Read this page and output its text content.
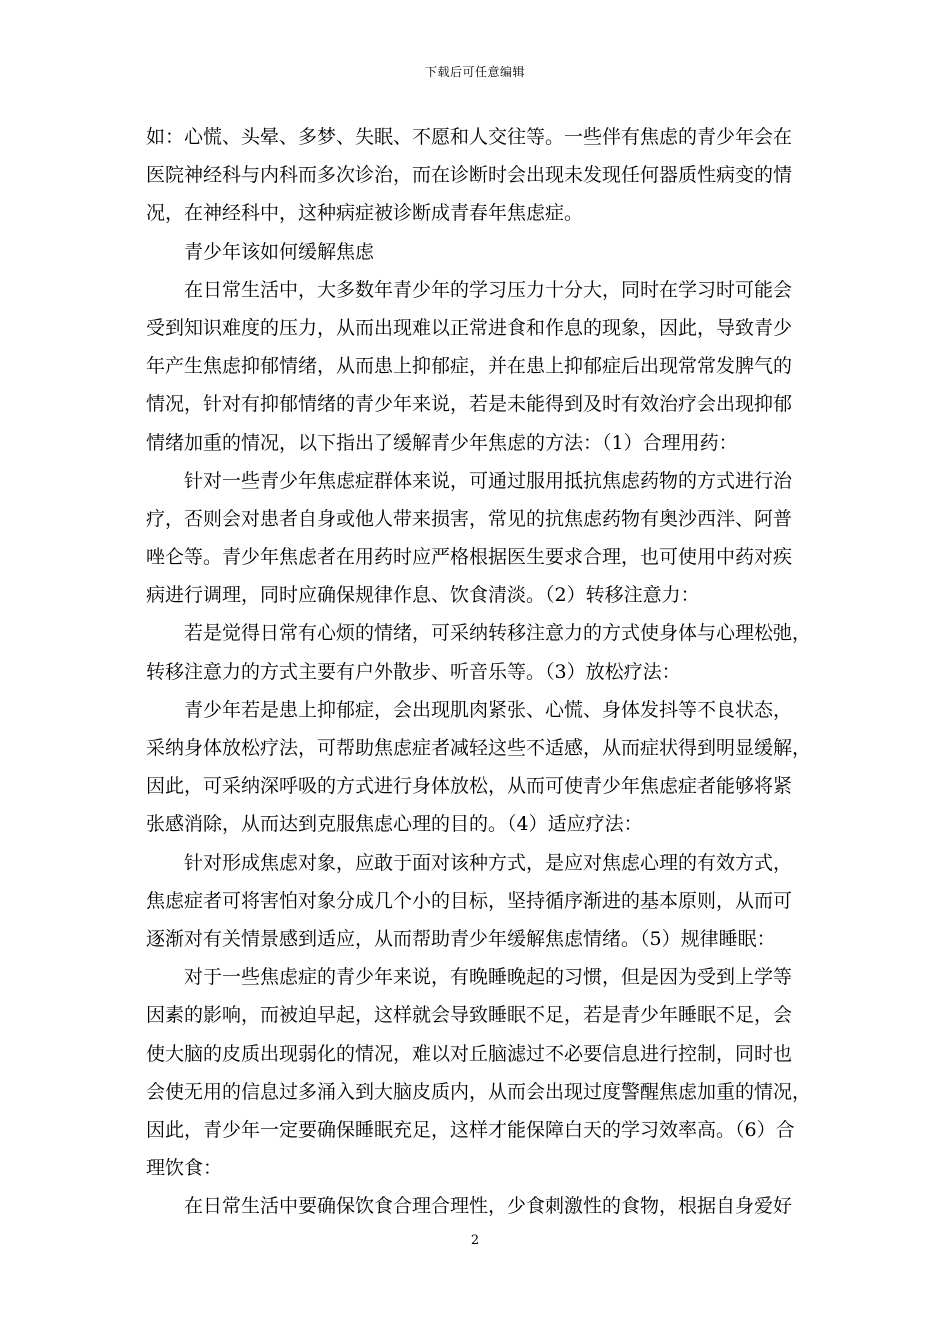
下载后可任意编辑
如：心慌、头晕、多梦、失眠、不愿和人交往等。一些伴有焦虑的青少年会在
医院神经科与内科而多次诊治，而在诊断时会出现未发现任何器质性病变的情
况，在神经科中，这种病症被诊断成青春年焦虑症。
青少年该如何缓解焦虑
在日常生活中，大多数年青少年的学习压力十分大，同时在学习时可能会
受到知识难度的压力，从而出现难以正常进食和作息的现象，因此，导致青少
年产生焦虑抑郁情绪，从而患上抑郁症，并在患上抑郁症后出现常常发脾气的
情况，针对有抑郁情绪的青少年来说，若是未能得到及时有效治疗会出现抑郁
情绪加重的情况，以下指出了缓解青少年焦虑的方法：（1）合理用药：
针对一些青少年焦虑症群体来说，可通过服用抵抗焦虑药物的方式进行治
疗，否则会对患者自身或他人带来损害，常见的抗焦虑药物有奥沙西泮、阿普
唑仑等。青少年焦虑者在用药时应严格根据医生要求合理，也可使用中药对疾
病进行调理，同时应确保规律作息、饮食清淡。（2）转移注意力：
若是觉得日常有心烦的情绪，可采纳转移注意力的方式使身体与心理松弛，
转移注意力的方式主要有户外散步、听音乐等。（3）放松疗法：
青少年若是患上抑郁症，会出现肌肉紧张、心慌、身体发抖等不良状态，
采纳身体放松疗法，可帮助焦虑症者减轻这些不适感，从而症状得到明显缓解，
因此，可采纳深呼吸的方式进行身体放松，从而可使青少年焦虑症者能够将紧
张感消除，从而达到克服焦虑心理的目的。（4）适应疗法：
针对形成焦虑对象，应敢于面对该种方式，是应对焦虑心理的有效方式，
焦虑症者可将害怕对象分成几个小的目标，坚持循序渐进的基本原则，从而可
逐渐对有关情景感到适应，从而帮助青少年缓解焦虑情绪。（5）规律睡眠：
对于一些焦虑症的青少年来说，有晚睡晚起的习惯，但是因为受到上学等
因素的影响，而被迫早起，这样就会导致睡眠不足，若是青少年睡眠不足，会
使大脑的皮质出现弱化的情况，难以对丘脑滤过不必要信息进行控制，同时也
会使无用的信息过多涌入到大脑皮质内，从而会出现过度警醒焦虑加重的情况，
因此，青少年一定要确保睡眠充足，这样才能保障白天的学习效率高。（6）合
理饮食：
在日常生活中要确保饮食合理合理性，少食刺激性的食物，根据自身爱好
2
